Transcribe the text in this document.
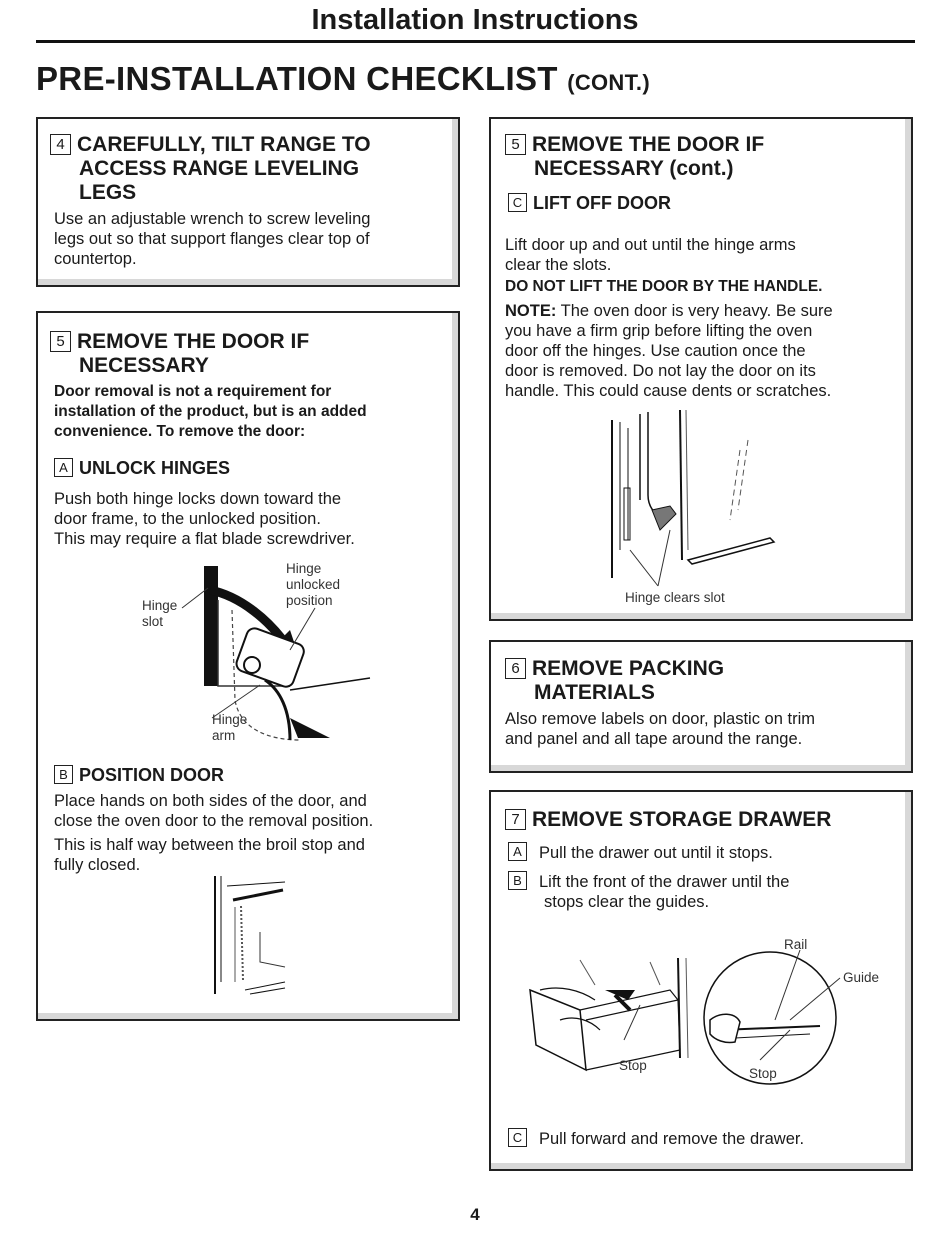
Installation Instructions
PRE-INSTALLATION CHECKLIST (CONT.)
4 CAREFULLY, TILT RANGE TO
ACCESS RANGE LEVELING
LEGS
Use an adjustable wrench to screw leveling
legs out so that support flanges clear top of
countertop.
5 REMOVE THE DOOR IF
NECESSARY
Door removal is not a requirement for
installation of the product, but is an added
convenience. To remove the door:
A UNLOCK HINGES
Push both hinge locks down toward the
door frame, to the unlocked position.
This may require a flat blade screwdriver.
Hinge
unlocked
position
Hinge
slot
Hinge
arm
B POSITION DOOR
Place hands on both sides of the door, and
close the oven door to the removal position.
This is half way between the broil stop and
fully closed.
5 REMOVE THE DOOR IF
NECESSARY (cont.)
C LIFT OFF DOOR
Lift door up and out until the hinge arms
clear the slots.
DO NOT LIFT THE DOOR BY THE HANDLE.
NOTE: The oven door is very heavy. Be sure
you have a firm grip before lifting the oven
door off the hinges. Use caution once the
door is removed. Do not lay the door on its
handle. This could cause dents or scratches.
Hinge clears slot
6 REMOVE PACKING
MATERIALS
Also remove labels on door, plastic on trim
and panel and all tape around the range.
7 REMOVE STORAGE DRAWER
A Pull the drawer out until it stops.
B Lift the front of the drawer until the
stops clear the guides.
Rail
Guide
Stop
Stop
C Pull forward and remove the drawer.
4
